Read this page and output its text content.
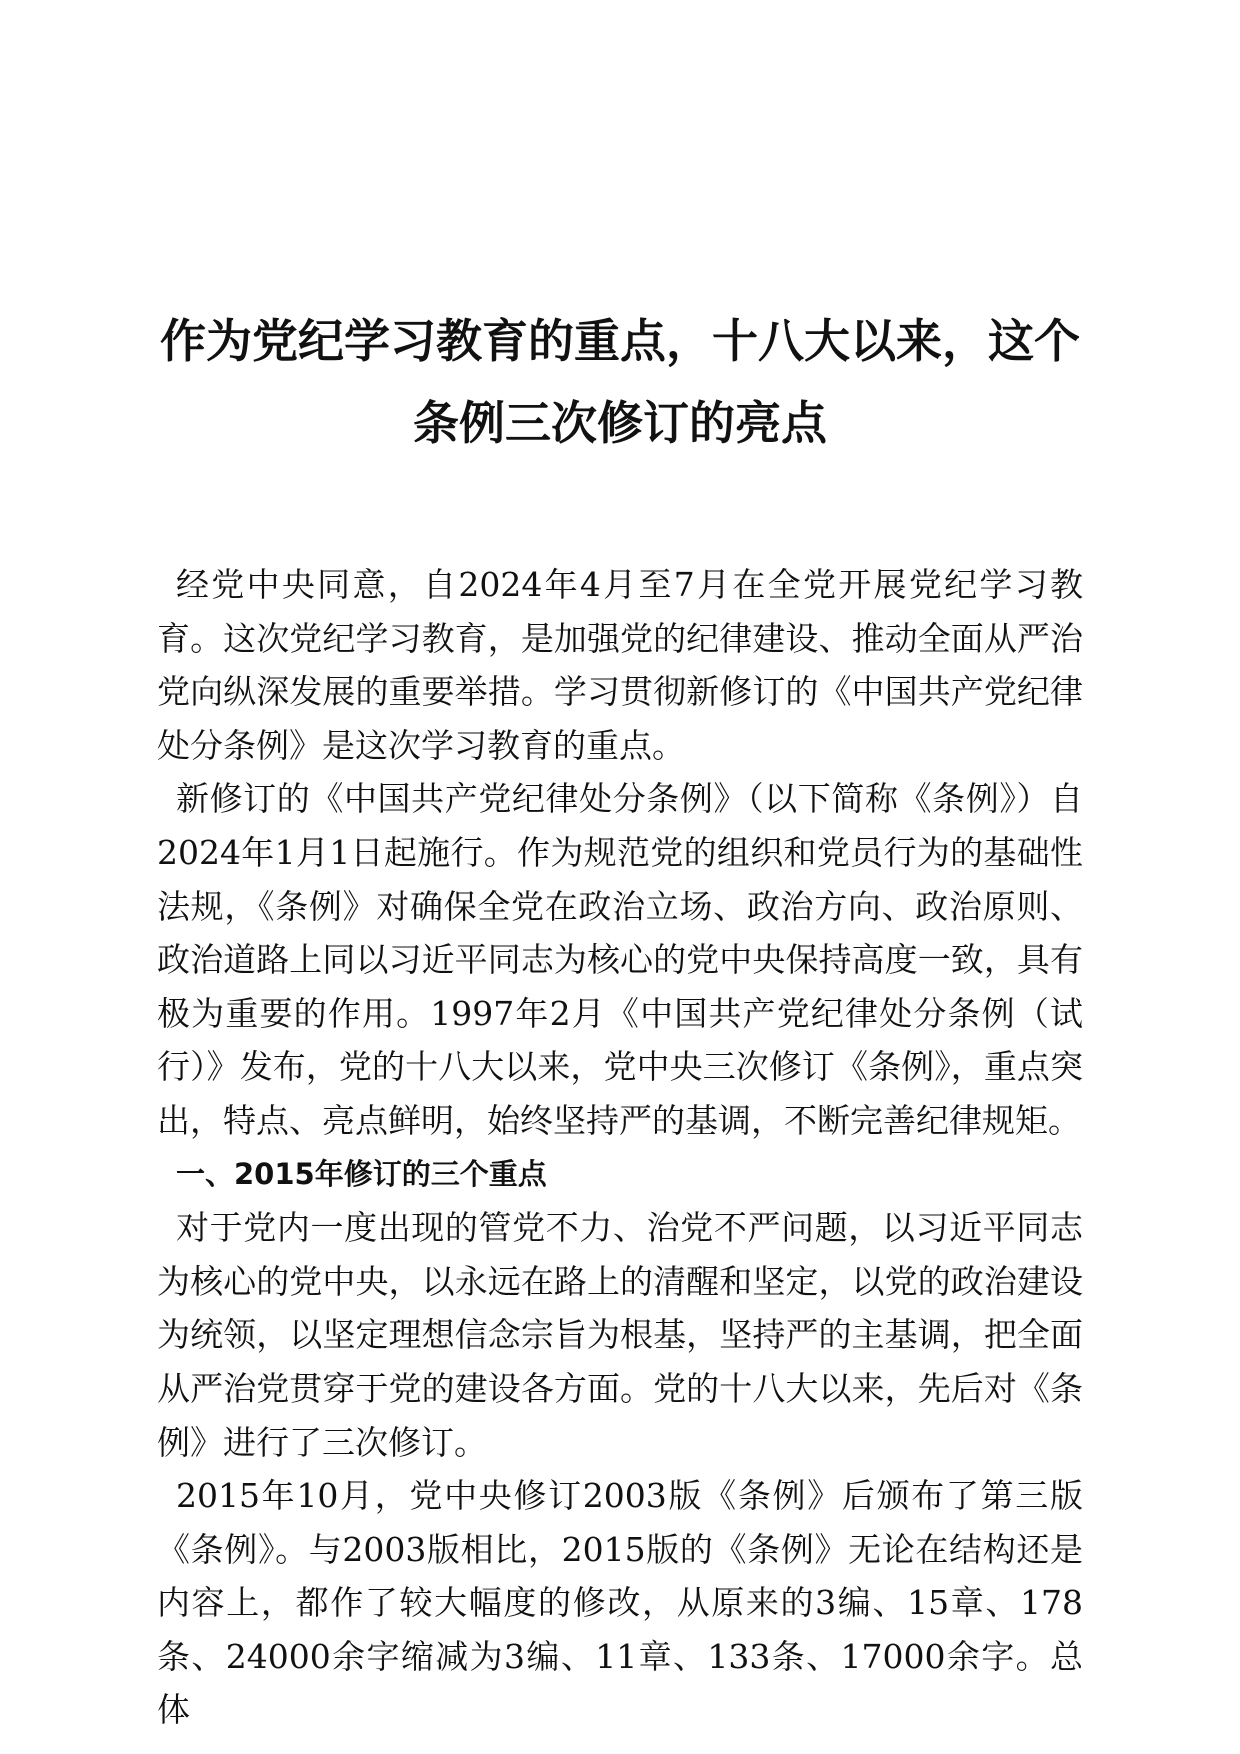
作为党纪学习教育的重点，十八大以来，这个
条例三次修订的亮点

经党中央同意，自2024年4月至7月在全党开展党纪学习教育。这次党纪学习教育，是加强党的纪律建设、推动全面从严治党向纵深发展的重要举措。学习贯彻新修订的《中国共产党纪律处分条例》是这次学习教育的重点。

新修订的《中国共产党纪律处分条例》（以下简称《条例》）自2024年1月1日起施行。作为规范党的组织和党员行为的基础性法规，《条例》对确保全党在政治立场、政治方向、政治原则、政治道路上同以习近平同志为核心的党中央保持高度一致，具有极为重要的作用。1997年2月《中国共产党纪律处分条例（试行）》发布，党的十八大以来，党中央三次修订《条例》，重点突出，特点、亮点鲜明，始终坚持严的基调，不断完善纪律规矩。

一、2015年修订的三个重点

对于党内一度出现的管党不力、治党不严问题，以习近平同志为核心的党中央，以永远在路上的清醒和坚定，以党的政治建设为统领，以坚定理想信念宗旨为根基，坚持严的主基调，把全面从严治党贯穿于党的建设各方面。党的十八大以来，先后对《条例》进行了三次修订。

2015年10月，党中央修订2003版《条例》后颁布了第三版《条例》。与2003版相比，2015版的《条例》无论在结构还是内容上，都作了较大幅度的修改，从原来的3编、15章、178条、24000余字缩减为3编、11章、133条、17000余字。总体
